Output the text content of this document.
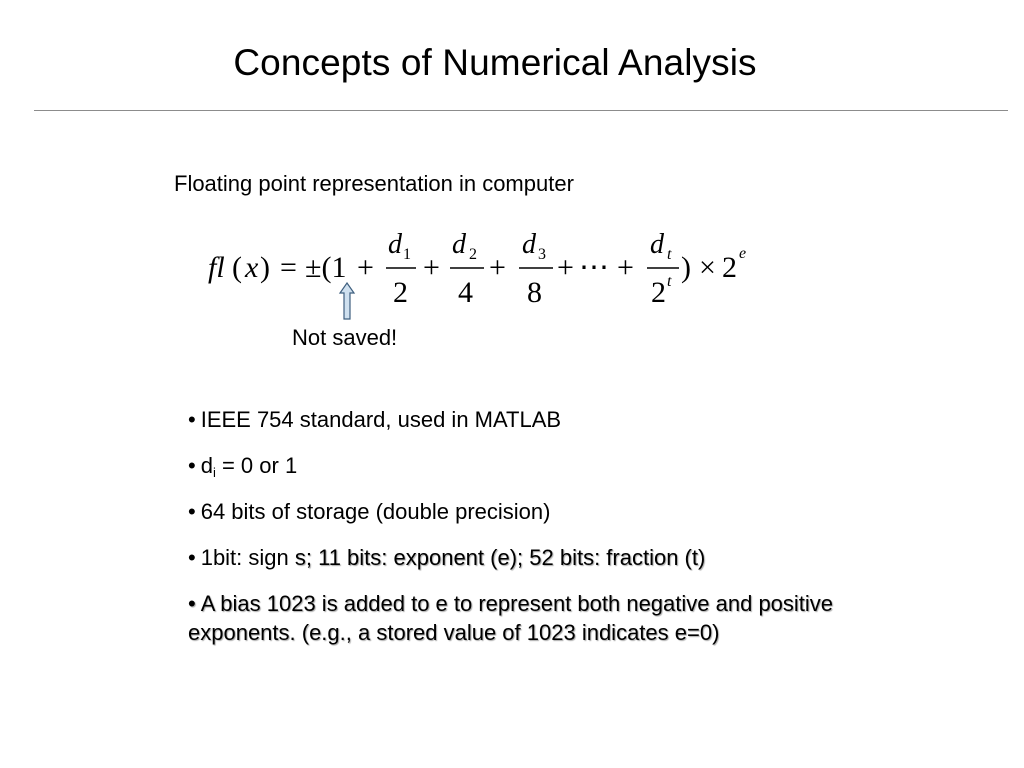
Concepts of Numerical Analysis
Floating point representation in computer
fl ( x ) = ±(1 +
d 1
2
+
d 2
4
+
d 3
8
+ ⋯ +
d t
2 t ) × 2 e
Not saved!
• IEEE 754 standard, used in MATLAB
• $d_i = 0$ or 1
• 64 bits of storage (double precision)
• 1bit: sign s; 11 bits: exponent (e); 52 bits: fraction (t)
• A bias 1023 is added to e to represent both negative and positive exponents. (e.g., a stored value of 1023 indicates e=0)
